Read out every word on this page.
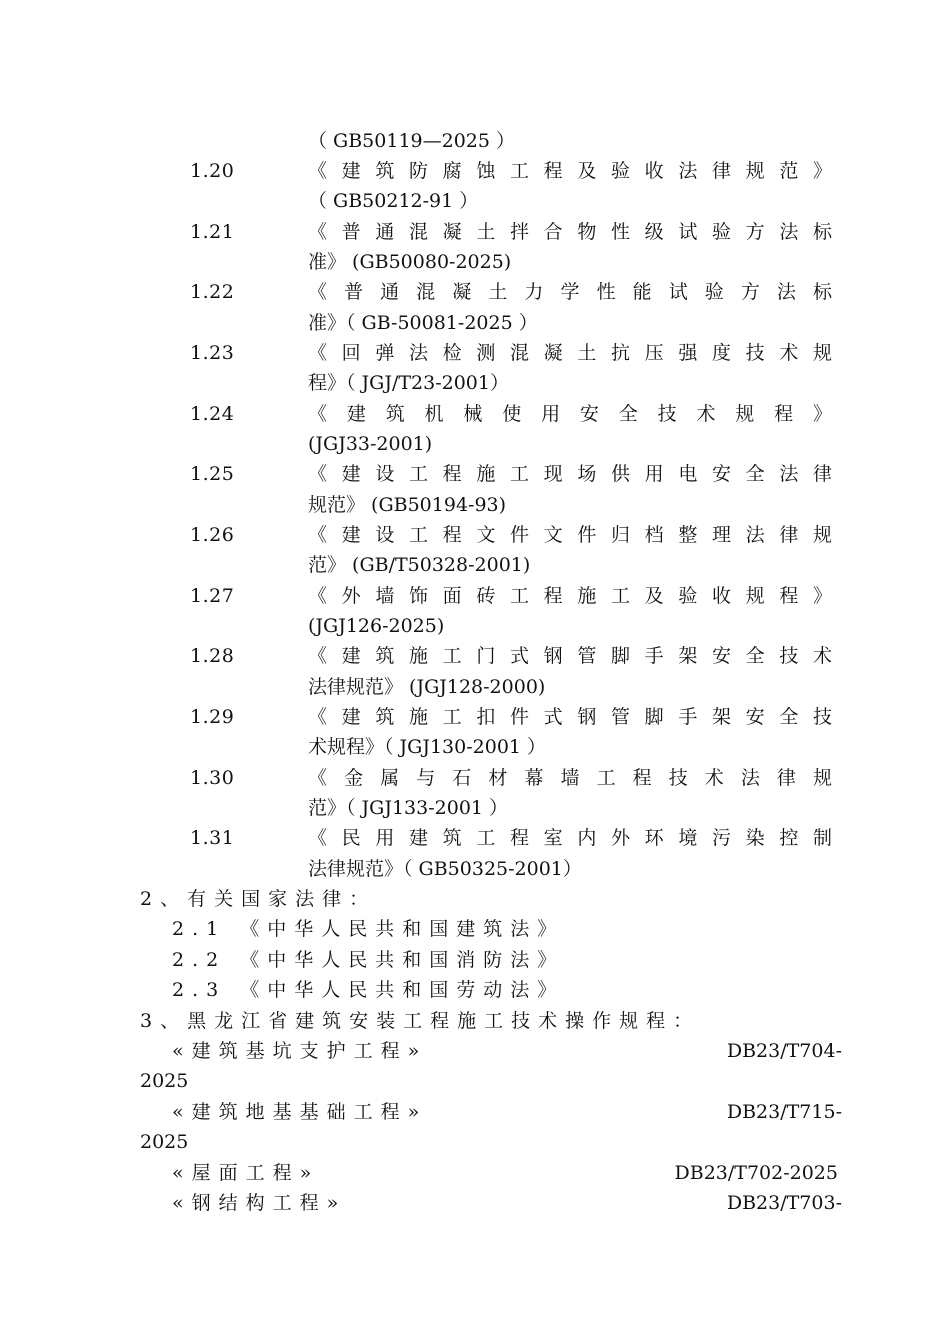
（ GB50119—2025 ）
1.20	《建筑防腐蚀工程及验收法律规范》
（ GB50212-91 ）
1.21	《普通混凝土拌合物性级试验方法标
准》 (GB50080-2025)
1.22	《普通混凝土力学性能试验方法标
准》（ GB-50081-2025 ）
1.23	《回弹法检测混凝土抗压强度技术规
程》（ JGJ/T23-2001）
1.24	《建筑机械使用安全技术规程》
(JGJ33-2001)
1.25	《建设工程施工现场供用电安全法律
规范》 (GB50194-93)
1.26	《建设工程文件文件归档整理法律规
范》 (GB/T50328-2001)
1.27	《外墙饰面砖工程施工及验收规程》
(JGJ126-2025)
1.28	《建筑施工门式钢管脚手架安全技术
法律规范》 (JGJ128-2000)
1.29	《建筑施工扣件式钢管脚手架安全技
术规程》（ JGJ130-2001 ）
1.30	《金属与石材幕墙工程技术法律规
范》（ JGJ133-2001 ）
1.31	《民用建筑工程室内外环境污染控制
法律规范》（ GB50325-2001）
2、有关国家法律：
2.1 《中华人民共和国建筑法》
2.2 《中华人民共和国消防法》
2.3 《中华人民共和国劳动法》
3、黑龙江省建筑安装工程施工技术操作规程：
«建筑基坑支护工程»	DB23/T704-
2025
«建筑地基基础工程»	DB23/T715-
2025
«屋面工程»	DB23/T702-2025
«钢结构工程»	DB23/T703-
